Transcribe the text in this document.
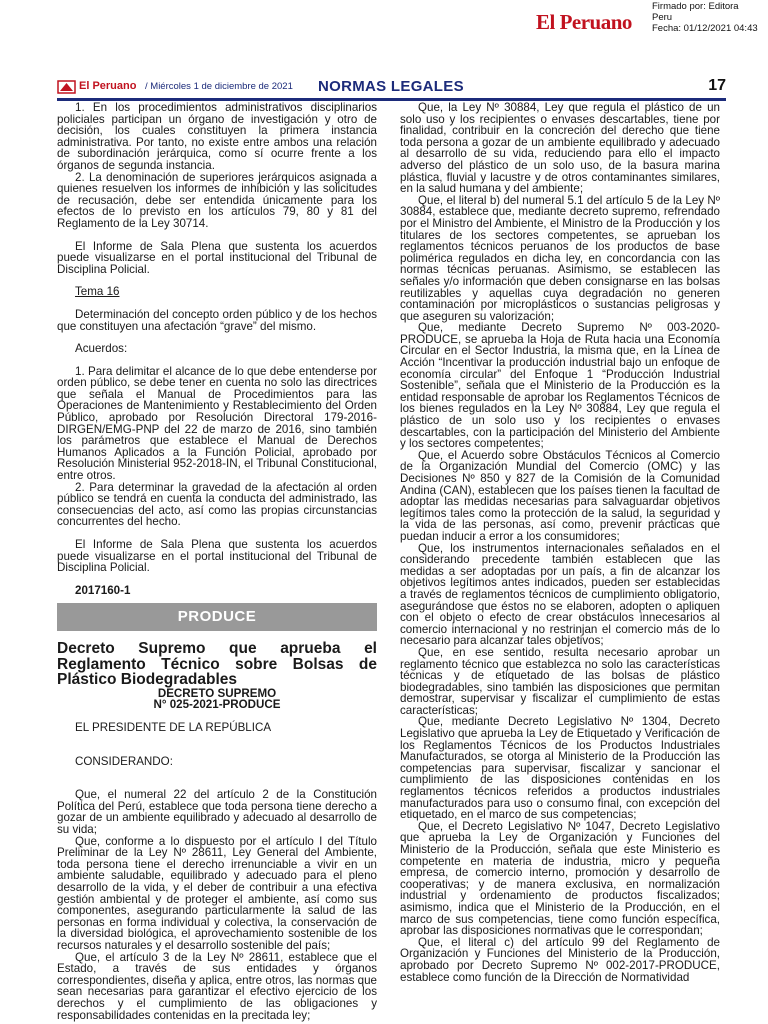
El Peruano
Firmado por: Editora
Peru
Fecha: 01/12/2021 04:43
El Peruano / Miércoles 1 de diciembre de 2021 NORMAS LEGALES	17

1. En los procedimientos administrativos disciplinarios policiales participan un órgano de investigación y otro de decisión, los cuales constituyen la primera instancia administrativa. Por tanto, no existe entre ambos una relación de subordinación jerárquica, como sí ocurre frente a los órganos de segunda instancia.

2. La denominación de superiores jerárquicos asignada a quienes resuelven los informes de inhibición y las solicitudes de recusación, debe ser entendida únicamente para los efectos de lo previsto en los artículos 79, 80 y 81 del Reglamento de la Ley 30714.

El Informe de Sala Plena que sustenta los acuerdos puede visualizarse en el portal institucional del Tribunal de Disciplina Policial.

Tema 16

Determinación del concepto orden público y de los hechos que constituyen una afectación “grave” del mismo.

Acuerdos:

1. Para delimitar el alcance de lo que debe entenderse por orden público, se debe tener en cuenta no solo las directrices que señala el Manual de Procedimientos para las Operaciones de Mantenimiento y Restablecimiento del Orden Público, aprobado por Resolución Directoral 179-2016-DIRGEN/EMG-PNP del 22 de marzo de 2016, sino también los parámetros que establece el Manual de Derechos Humanos Aplicados a la Función Policial, aprobado por Resolución Ministerial 952-2018-IN, el Tribunal Constitucional, entre otros.

2. Para determinar la gravedad de la afectación al orden público se tendrá en cuenta la conducta del administrado, las consecuencias del acto, así como las propias circunstancias concurrentes del hecho.

El Informe de Sala Plena que sustenta los acuerdos puede visualizarse en el portal institucional del Tribunal de Disciplina Policial.

2017160-1

PRODUCE

Decreto Supremo que aprueba el Reglamento Técnico sobre Bolsas de Plástico Biodegradables

DECRETO SUPREMO
N° 025-2021-PRODUCE

EL PRESIDENTE DE LA REPÚBLICA

CONSIDERANDO:

Que, el numeral 22 del artículo 2 de la Constitución Política del Perú, establece que toda persona tiene derecho a gozar de un ambiente equilibrado y adecuado al desarrollo de su vida;

Que, conforme a lo dispuesto por el artículo I del Título Preliminar de la Ley Nº 28611, Ley General del Ambiente, toda persona tiene el derecho irrenunciable a vivir en un ambiente saludable, equilibrado y adecuado para el pleno desarrollo de la vida, y el deber de contribuir a una efectiva gestión ambiental y de proteger el ambiente, así como sus componentes, asegurando particularmente la salud de las personas en forma individual y colectiva, la conservación de la diversidad biológica, el aprovechamiento sostenible de los recursos naturales y el desarrollo sostenible del país;

Que, el artículo 3 de la Ley Nº 28611, establece que el Estado, a través de sus entidades y órganos correspondientes, diseña y aplica, entre otros, las normas que sean necesarias para garantizar el efectivo ejercicio de los derechos y el cumplimiento de las obligaciones y responsabilidades contenidas en la precitada ley;

Que, la Ley Nº 30884, Ley que regula el plástico de un solo uso y los recipientes o envases descartables, tiene por finalidad, contribuir en la concreción del derecho que tiene toda persona a gozar de un ambiente equilibrado y adecuado al desarrollo de su vida, reduciendo para ello el impacto adverso del plástico de un solo uso, de la basura marina plástica, fluvial y lacustre y de otros contaminantes similares, en la salud humana y del ambiente;

Que, el literal b) del numeral 5.1 del artículo 5 de la Ley Nº 30884, establece que, mediante decreto supremo, refrendado por el Ministro del Ambiente, el Ministro de la Producción y los titulares de los sectores competentes, se aprueban los reglamentos técnicos peruanos de los productos de base polimérica regulados en dicha ley, en concordancia con las normas técnicas peruanas. Asimismo, se establecen las señales y/o información que deben consignarse en las bolsas reutilizables y aquellas cuya degradación no generen contaminación por microplásticos o sustancias peligrosas y que aseguren su valorización;

Que, mediante Decreto Supremo Nº 003-2020-PRODUCE, se aprueba la Hoja de Ruta hacia una Economía Circular en el Sector Industria, la misma que, en la Línea de Acción “Incentivar la producción industrial bajo un enfoque de economía circular” del Enfoque 1 “Producción Industrial Sostenible”, señala que el Ministerio de la Producción es la entidad responsable de aprobar los Reglamentos Técnicos de los bienes regulados en la Ley Nº 30884, Ley que regula el plástico de un solo uso y los recipientes o envases descartables, con la participación del Ministerio del Ambiente y los sectores competentes;

Que, el Acuerdo sobre Obstáculos Técnicos al Comercio de la Organización Mundial del Comercio (OMC) y las Decisiones Nº 850 y 827 de la Comisión de la Comunidad Andina (CAN), establecen que los países tienen la facultad de adoptar las medidas necesarias para salvaguardar objetivos legítimos tales como la protección de la salud, la seguridad y la vida de las personas, así como, prevenir prácticas que puedan inducir a error a los consumidores;

Que, los instrumentos internacionales señalados en el considerando precedente también establecen que las medidas a ser adoptadas por un país, a fin de alcanzar los objetivos legítimos antes indicados, pueden ser establecidas a través de reglamentos técnicos de cumplimiento obligatorio, asegurándose que éstos no se elaboren, adopten o apliquen con el objeto o efecto de crear obstáculos innecesarios al comercio internacional y no restrinjan el comercio más de lo necesario para alcanzar tales objetivos;

Que, en ese sentido, resulta necesario aprobar un reglamento técnico que establezca no solo las características técnicas y de etiquetado de las bolsas de plástico biodegradables, sino también las disposiciones que permitan demostrar, supervisar y fiscalizar el cumplimiento de estas características;

Que, mediante Decreto Legislativo Nº 1304, Decreto Legislativo que aprueba la Ley de Etiquetado y Verificación de los Reglamentos Técnicos de los Productos Industriales Manufacturados, se otorga al Ministerio de la Producción las competencias para supervisar, fiscalizar y sancionar el cumplimiento de las disposiciones contenidas en los reglamentos técnicos referidos a productos industriales manufacturados para uso o consumo final, con excepción del etiquetado, en el marco de sus competencias;

Que, el Decreto Legislativo Nº 1047, Decreto Legislativo que aprueba la Ley de Organización y Funciones del Ministerio de la Producción, señala que este Ministerio es competente en materia de industria, micro y pequeña empresa, de comercio interno, promoción y desarrollo de cooperativas; y de manera exclusiva, en normalización industrial y ordenamiento de productos fiscalizados; asimismo, indica que el Ministerio de la Producción, en el marco de sus competencias, tiene como función específica, aprobar las disposiciones normativas que le correspondan;

Que, el literal c) del artículo 99 del Reglamento de Organización y Funciones del Ministerio de la Producción, aprobado por Decreto Supremo Nº 002-2017-PRODUCE, establece como función de la Dirección de Normatividad
